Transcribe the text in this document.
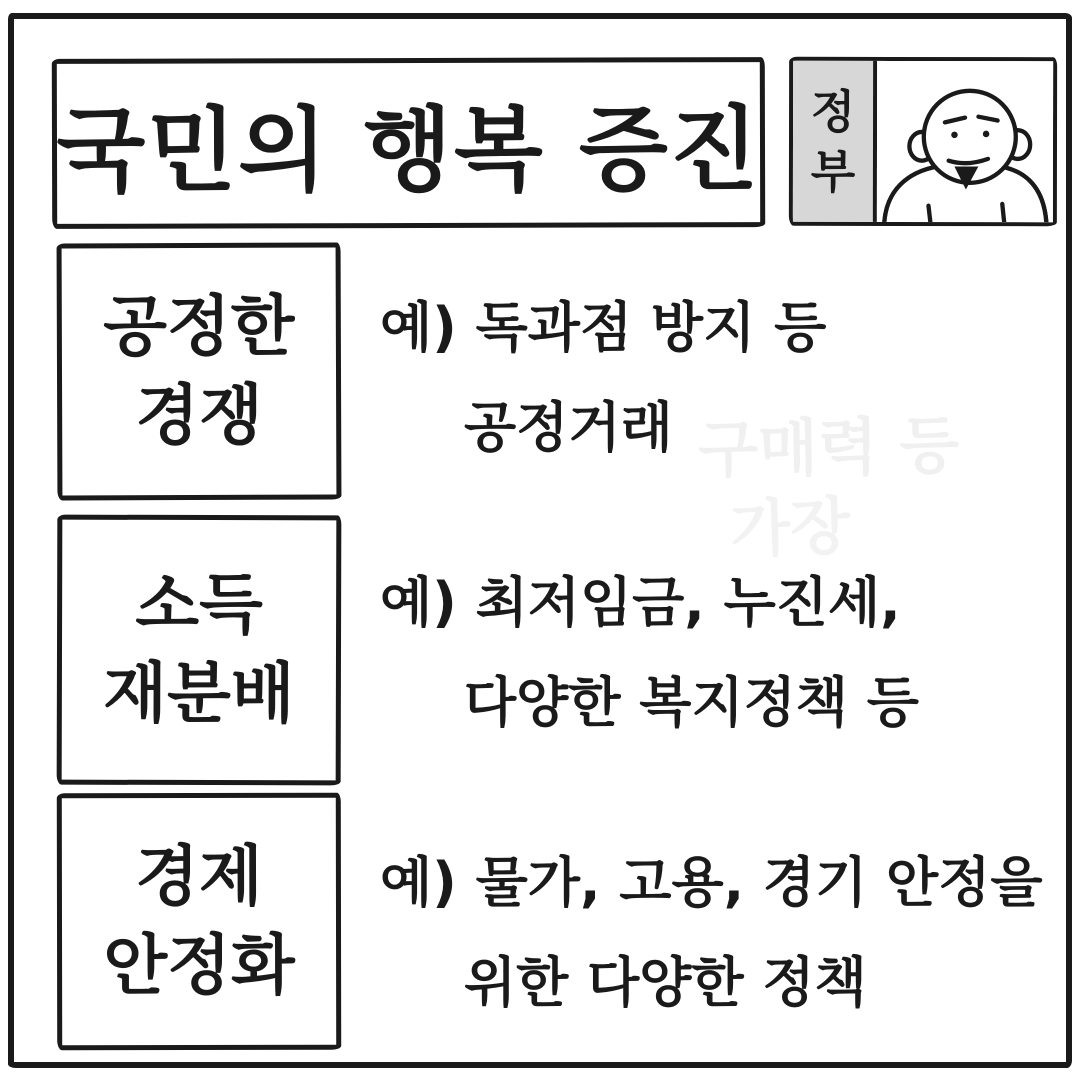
국민의 행복 증진 정
부
공정한
경쟁
예) 독과점 방지 등
공정거래
소득
재분배
예) 최저임금, 누진세,
다양한 복지정책 등
경제
안정화
예) 물가, 고용, 경기 안정을
위한 다양한 정책
